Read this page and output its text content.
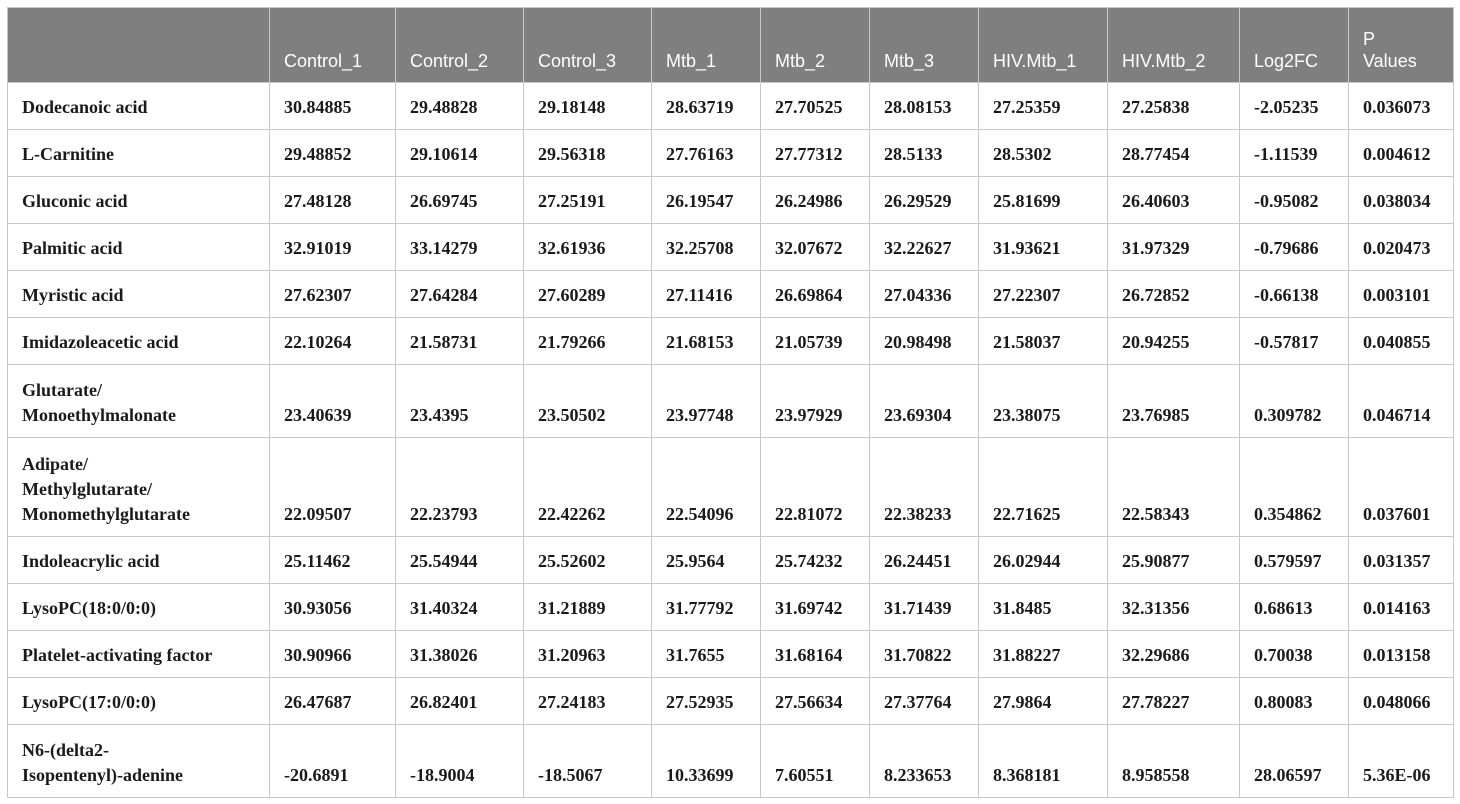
	Control_1	Control_2	Control_3	Mtb_1	Mtb_2	Mtb_3	HIV.Mtb_1	HIV.Mtb_2	Log2FC	P
Values
Dodecanoic acid	30.84885	29.48828	29.18148	28.63719	27.70525	28.08153	27.25359	27.25838	-2.05235	0.036073
L-Carnitine	29.48852	29.10614	29.56318	27.76163	27.77312	28.5133	28.5302	28.77454	-1.11539	0.004612
Gluconic acid	27.48128	26.69745	27.25191	26.19547	26.24986	26.29529	25.81699	26.40603	-0.95082	0.038034
Palmitic acid	32.91019	33.14279	32.61936	32.25708	32.07672	32.22627	31.93621	31.97329	-0.79686	0.020473
Myristic acid	27.62307	27.64284	27.60289	27.11416	26.69864	27.04336	27.22307	26.72852	-0.66138	0.003101
Imidazoleacetic acid	22.10264	21.58731	21.79266	21.68153	21.05739	20.98498	21.58037	20.94255	-0.57817	0.040855
Glutarate/
Monoethylmalonate	23.40639	23.4395	23.50502	23.97748	23.97929	23.69304	23.38075	23.76985	0.309782	0.046714
Adipate/
Methylglutarate/
Monomethylglutarate	22.09507	22.23793	22.42262	22.54096	22.81072	22.38233	22.71625	22.58343	0.354862	0.037601
Indoleacrylic acid	25.11462	25.54944	25.52602	25.9564	25.74232	26.24451	26.02944	25.90877	0.579597	0.031357
LysoPC(18:0/0:0)	30.93056	31.40324	31.21889	31.77792	31.69742	31.71439	31.8485	32.31356	0.68613	0.014163
Platelet-activating factor	30.90966	31.38026	31.20963	31.7655	31.68164	31.70822	31.88227	32.29686	0.70038	0.013158
LysoPC(17:0/0:0)	26.47687	26.82401	27.24183	27.52935	27.56634	27.37764	27.9864	27.78227	0.80083	0.048066
N6-(delta2-
Isopentenyl)-adenine	-20.6891	-18.9004	-18.5067	10.33699	7.60551	8.233653	8.368181	8.958558	28.06597	5.36E-06
